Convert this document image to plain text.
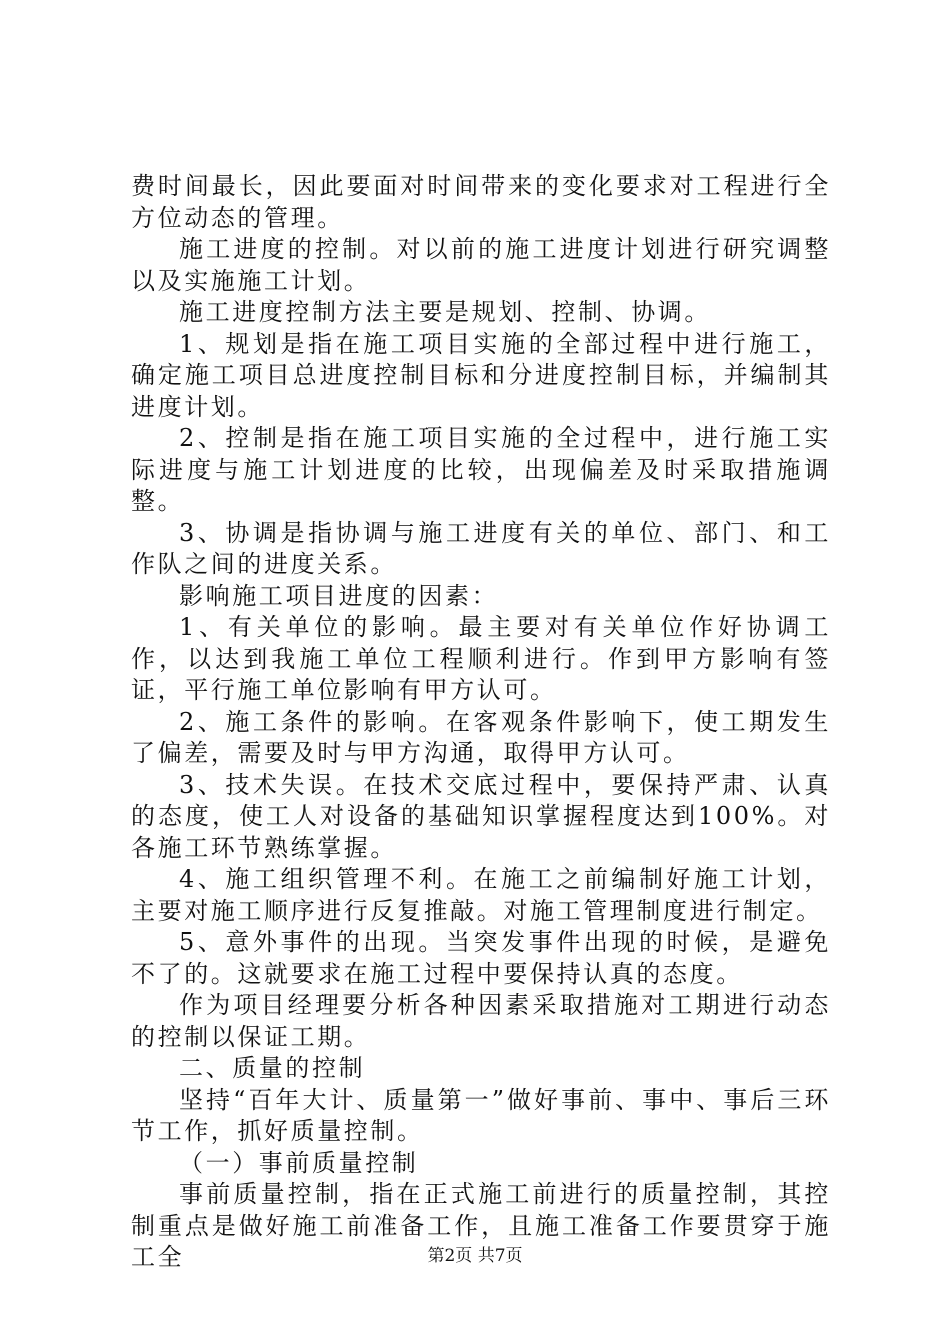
费时间最长，因此要面对时间带来的变化要求对工程进行全方位动态的管理。

施工进度的控制。对以前的施工进度计划进行研究调整以及实施施工计划。

施工进度控制方法主要是规划、控制、协调。

1、规划是指在施工项目实施的全部过程中进行施工，确定施工项目总进度控制目标和分进度控制目标，并编制其进度计划。

2、控制是指在施工项目实施的全过程中，进行施工实际进度与施工计划进度的比较，出现偏差及时采取措施调整。

3、协调是指协调与施工进度有关的单位、部门、和工作队之间的进度关系。

影响施工项目进度的因素：

1、有关单位的影响。最主要对有关单位作好协调工作，以达到我施工单位工程顺利进行。作到甲方影响有签证，平行施工单位影响有甲方认可。

2、施工条件的影响。在客观条件影响下，使工期发生了偏差，需要及时与甲方沟通，取得甲方认可。

3、技术失误。在技术交底过程中，要保持严肃、认真的态度，使工人对设备的基础知识掌握程度达到100%。对各施工环节熟练掌握。

4、施工组织管理不利。在施工之前编制好施工计划，主要对施工顺序进行反复推敲。对施工管理制度进行制定。

5、意外事件的出现。当突发事件出现的时候，是避免不了的。这就要求在施工过程中要保持认真的态度。

作为项目经理要分析各种因素采取措施对工期进行动态的控制以保证工期。

二、质量的控制

坚持“百年大计、质量第一”做好事前、事中、事后三环节工作，抓好质量控制。

（一）事前质量控制

事前质量控制，指在正式施工前进行的质量控制，其控制重点是做好施工前准备工作，且施工准备工作要贯穿于施工全	第2页 共7页
